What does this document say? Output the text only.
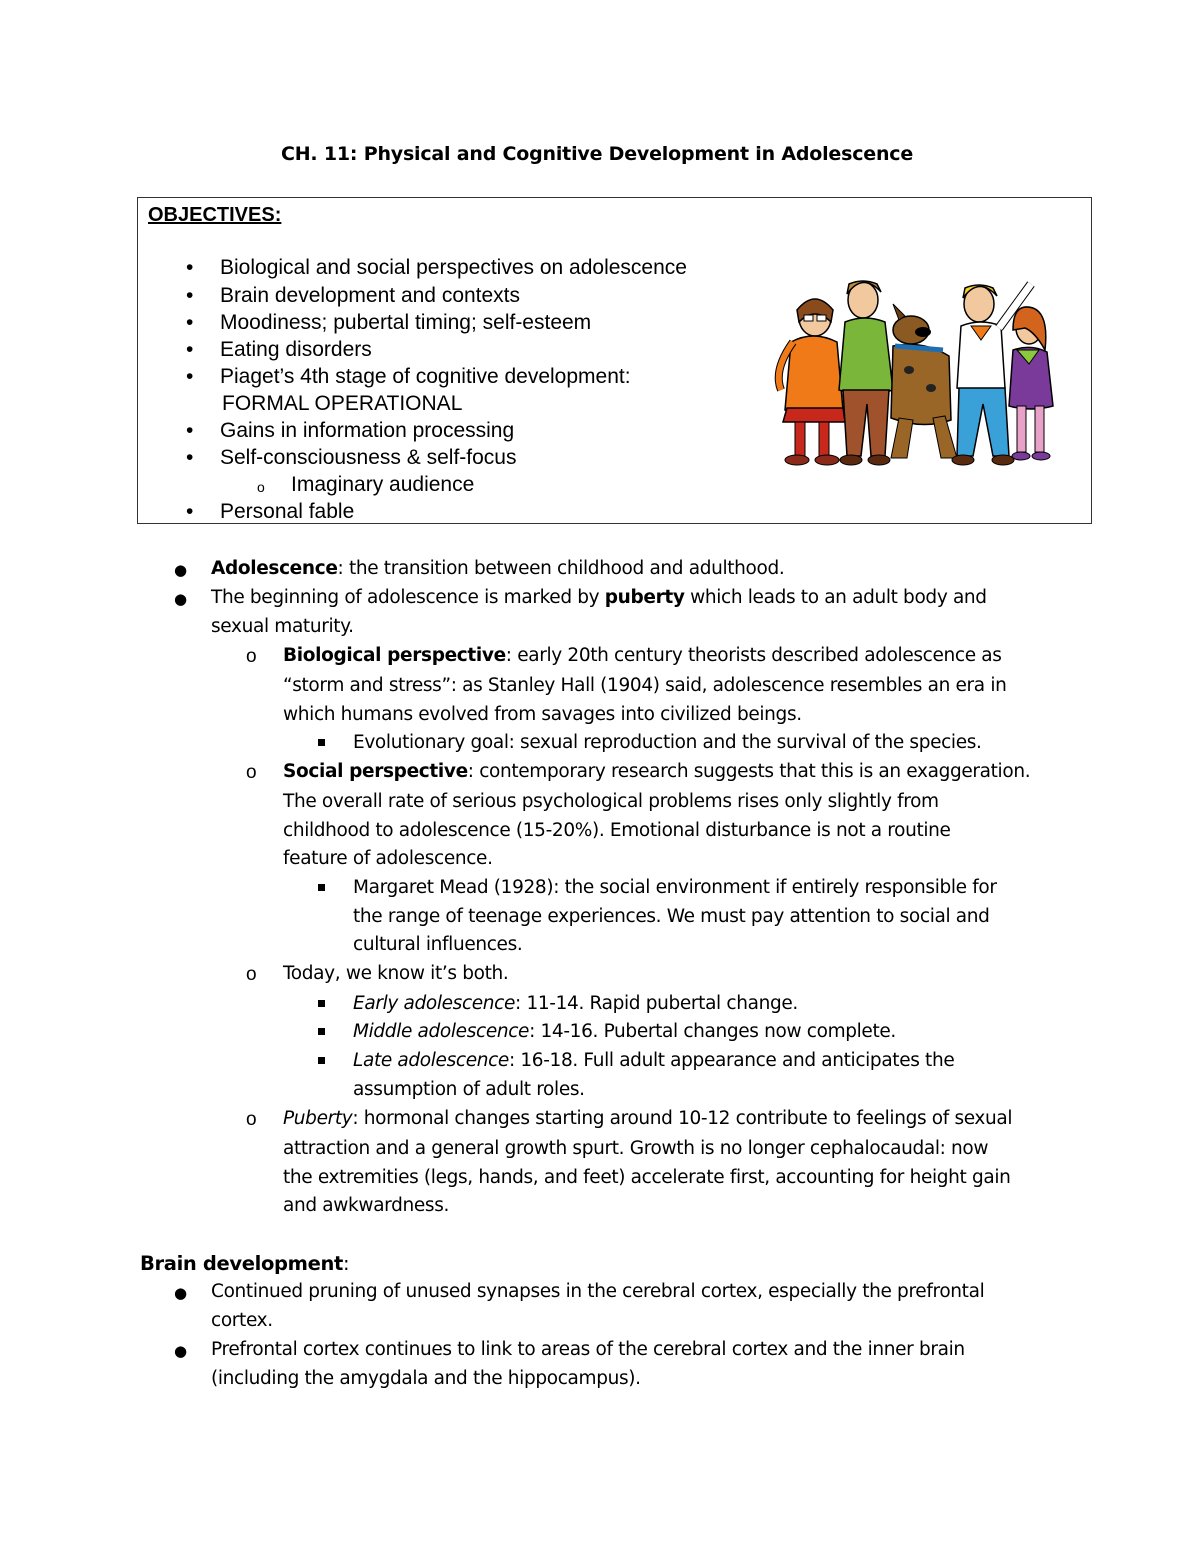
CH. 11: Physical and Cognitive Development in Adolescence
OBJECTIVES:
• Biological and social perspectives on adolescence
• Brain development and contexts
• Moodiness; pubertal timing; self-esteem
• Eating disorders
• Piaget’s 4th stage of cognitive development:
FORMAL OPERATIONAL
• Gains in information processing
• Self-consciousness & self-focus
o Imaginary audience
• Personal fable
● Adolescence: the transition between childhood and adulthood.
● The beginning of adolescence is marked by puberty which leads to an adult body and
sexual maturity.
o Biological perspective: early 20th century theorists described adolescence as
“storm and stress”: as Stanley Hall (1904) said, adolescence resembles an era in
which humans evolved from savages into civilized beings.
Evolutionary goal: sexual reproduction and the survival of the species.
o Social perspective: contemporary research suggests that this is an exaggeration.
The overall rate of serious psychological problems rises only slightly from
childhood to adolescence (15-20%). Emotional disturbance is not a routine
feature of adolescence.
Margaret Mead (1928): the social environment if entirely responsible for
the range of teenage experiences. We must pay attention to social and
cultural influences.
o Today, we know it’s both.
Early adolescence: 11-14. Rapid pubertal change.
Middle adolescence: 14-16. Pubertal changes now complete.
Late adolescence: 16-18. Full adult appearance and anticipates the
assumption of adult roles.
o Puberty: hormonal changes starting around 10-12 contribute to feelings of sexual
attraction and a general growth spurt. Growth is no longer cephalocaudal: now
the extremities (legs, hands, and feet) accelerate first, accounting for height gain
and awkwardness.
Brain development:
● Continued pruning of unused synapses in the cerebral cortex, especially the prefrontal
cortex.
● Prefrontal cortex continues to link to areas of the cerebral cortex and the inner brain
(including the amygdala and the hippocampus).
